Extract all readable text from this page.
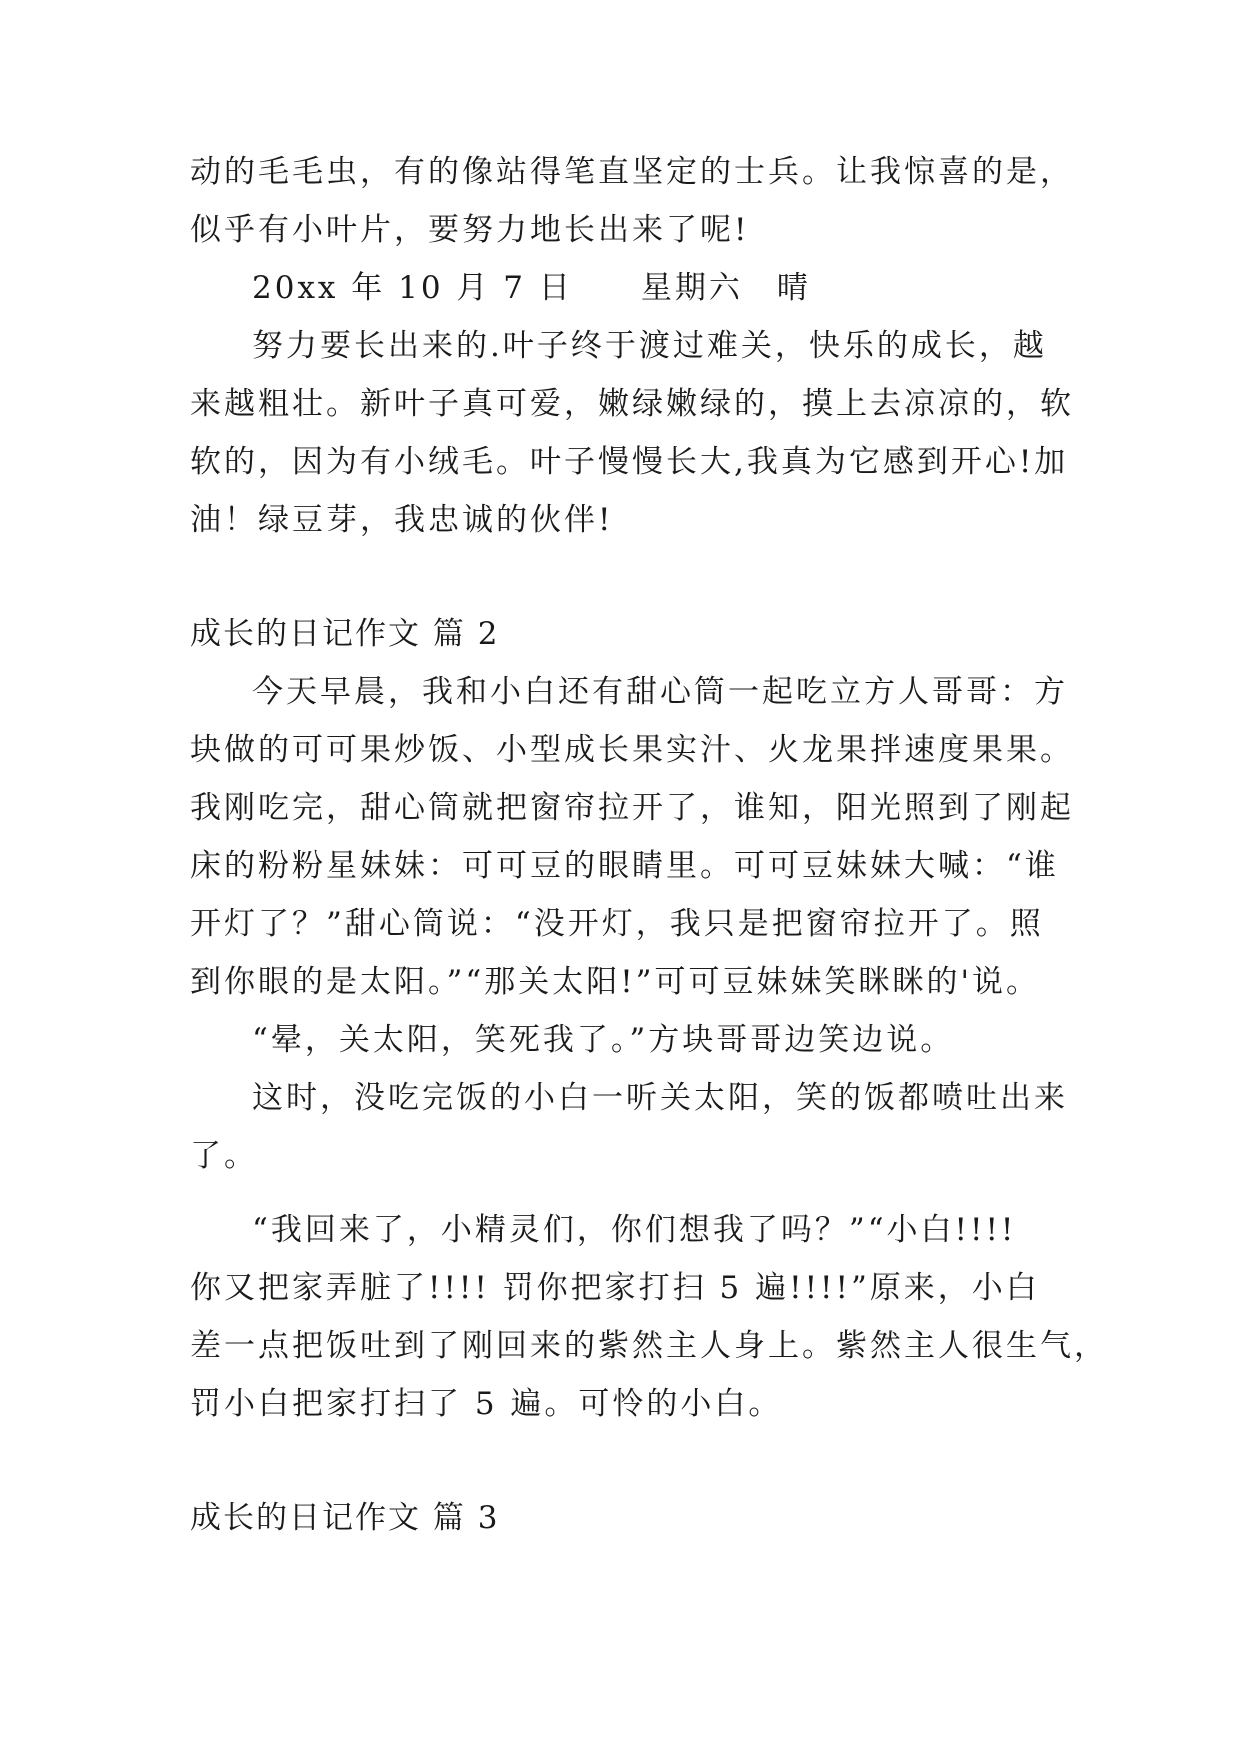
动的毛毛虫，有的像站得笔直坚定的士兵。让我惊喜的是，
似乎有小叶片，要努力地长出来了呢!
20xx 年 10 月 7 日　　星期六　晴
努力要长出来的.叶子终于渡过难关，快乐的成长，越
来越粗壮。新叶子真可爱，嫩绿嫩绿的，摸上去凉凉的，软
软的，因为有小绒毛。叶子慢慢长大,我真为它感到开心!加
油！绿豆芽，我忠诚的伙伴!
成长的日记作文 篇 2
今天早晨，我和小白还有甜心筒一起吃立方人哥哥：方
块做的可可果炒饭、小型成长果实汁、火龙果拌速度果果。
我刚吃完，甜心筒就把窗帘拉开了，谁知，阳光照到了刚起
床的粉粉星妹妹：可可豆的眼睛里。可可豆妹妹大喊：“谁
开灯了？”甜心筒说：“没开灯，我只是把窗帘拉开了。照
到你眼的是太阳。”“那关太阳!”可可豆妹妹笑眯眯的'说。
“晕，关太阳，笑死我了。”方块哥哥边笑边说。
这时，没吃完饭的小白一听关太阳，笑的饭都喷吐出来
了。
“我回来了，小精灵们，你们想我了吗？”“小白!!!!
你又把家弄脏了!!!! 罚你把家打扫 5 遍!!!!”原来，小白
差一点把饭吐到了刚回来的紫然主人身上。紫然主人很生气，
罚小白把家打扫了 5 遍。可怜的小白。
成长的日记作文 篇 3
